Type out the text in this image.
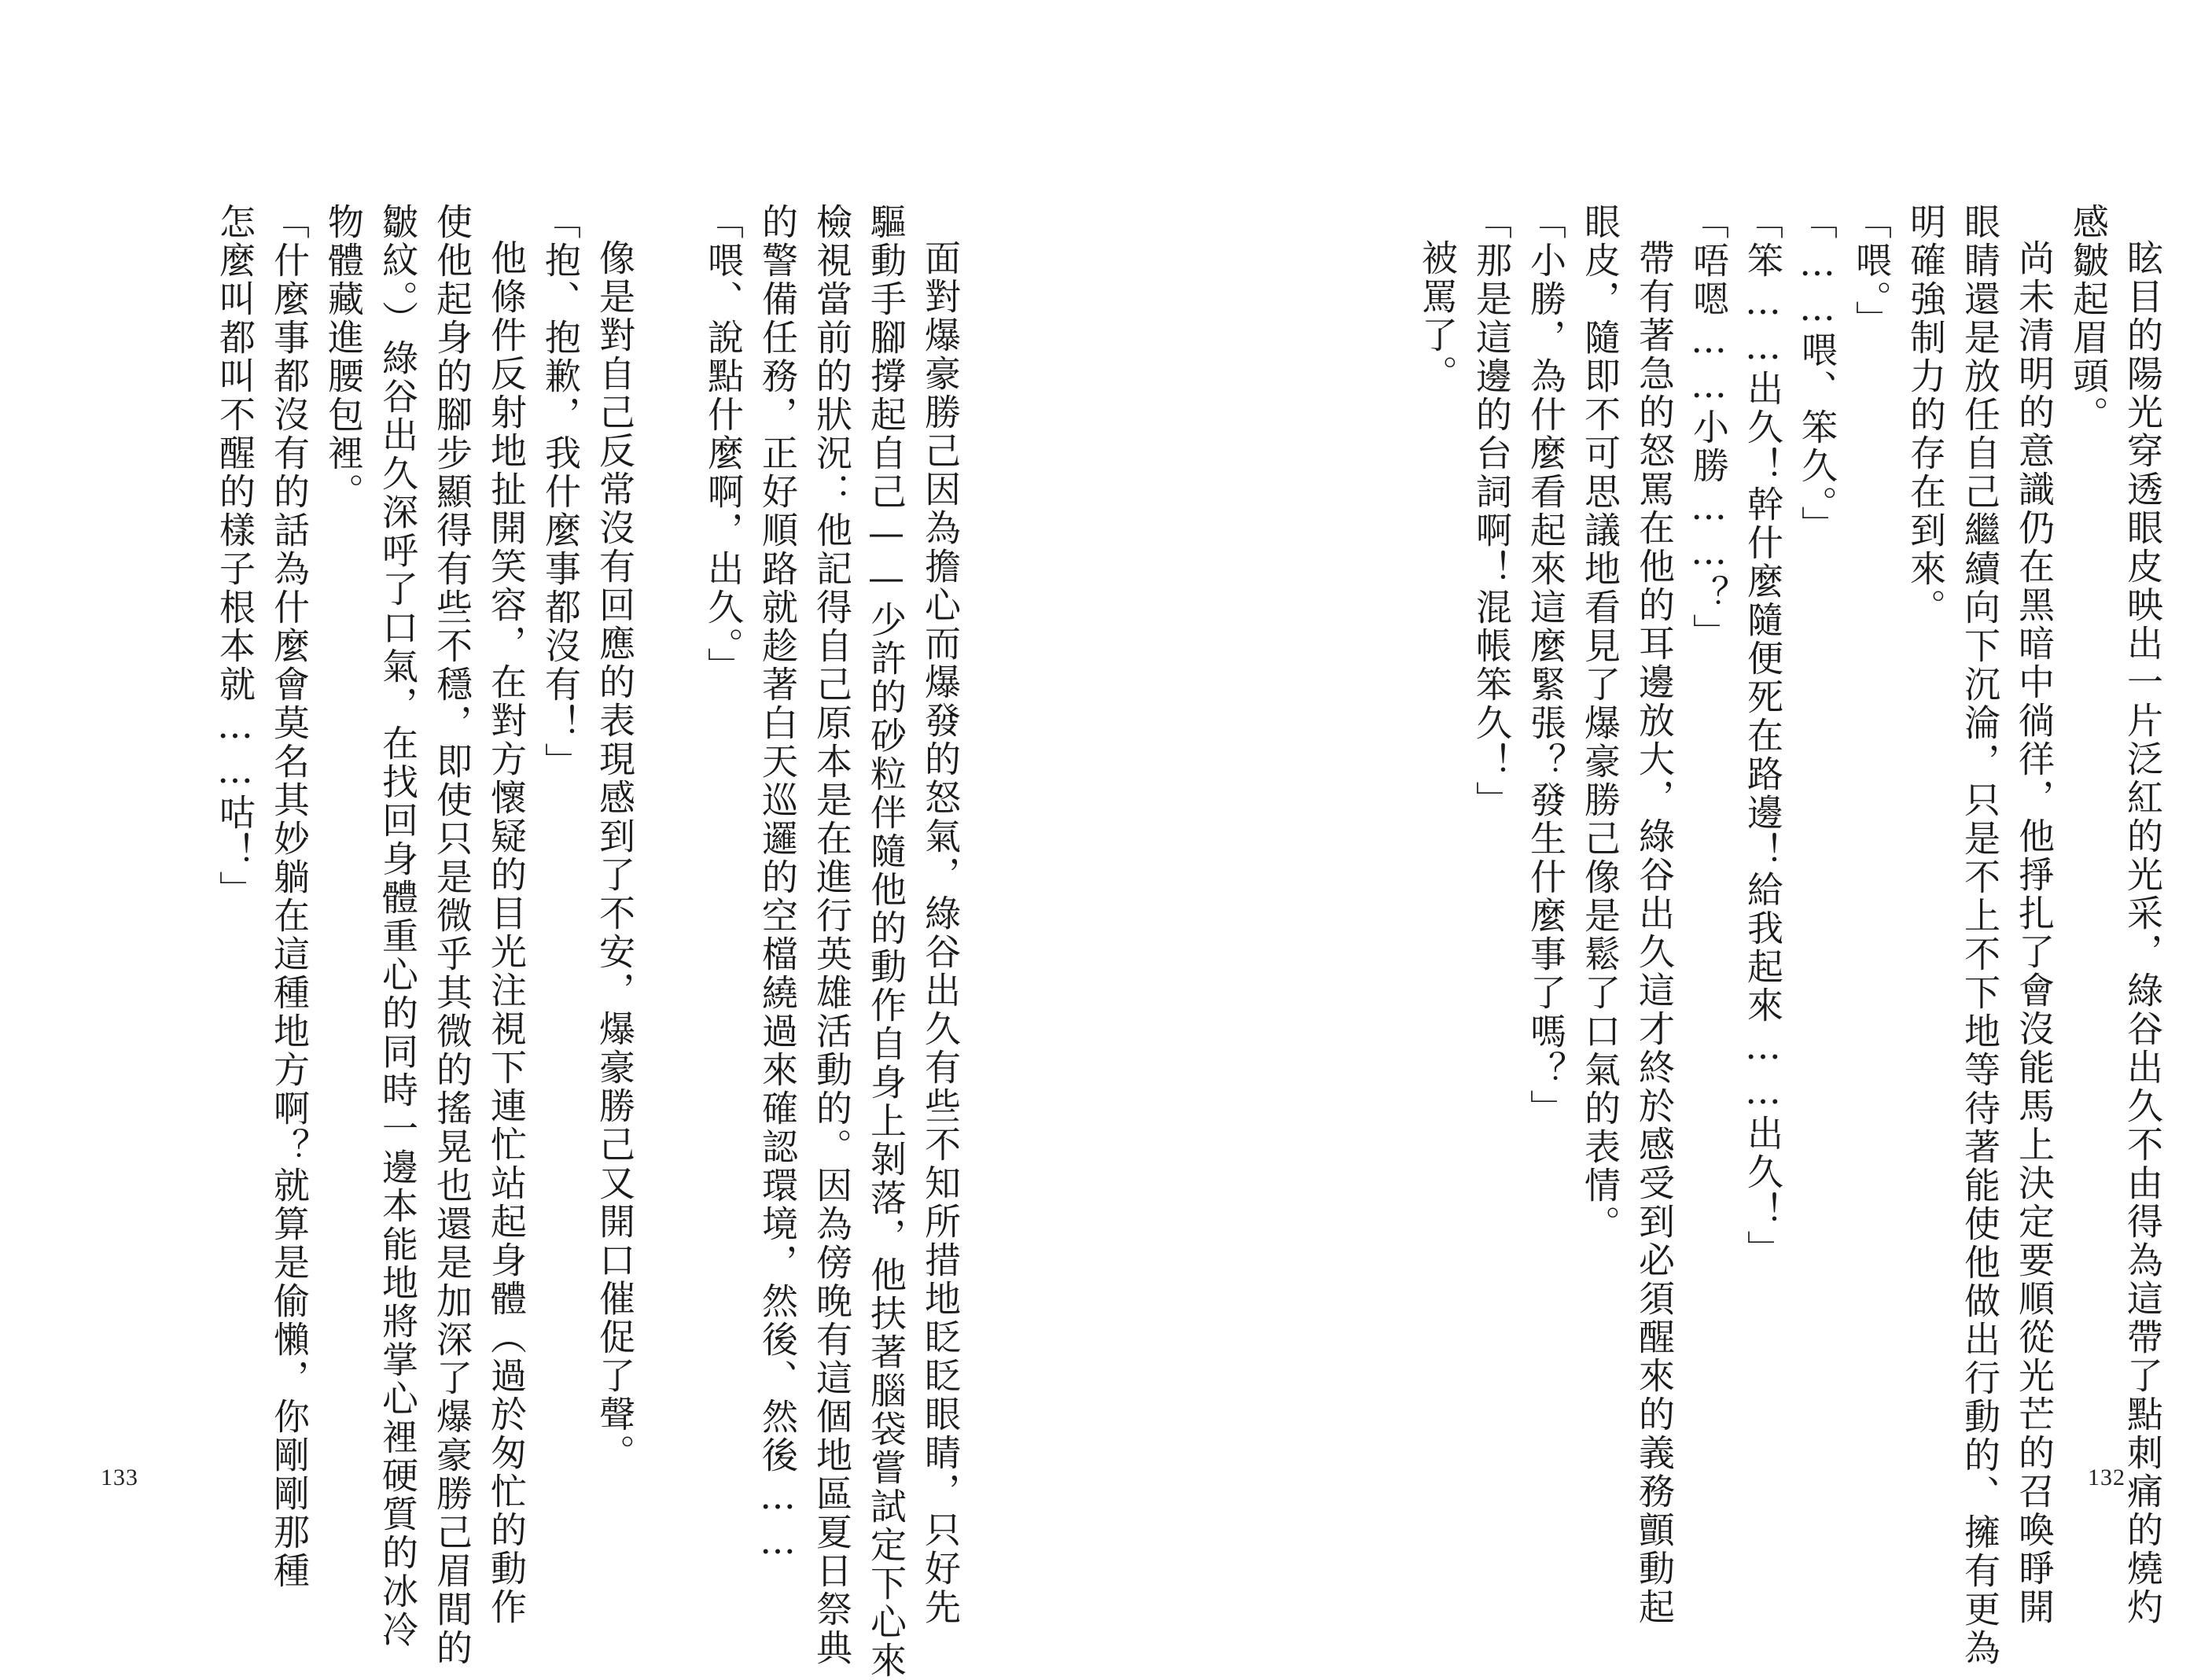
眩目的陽光穿透眼皮映出一片泛紅的光采，綠谷出久不由得為這帶了點刺痛的燒灼

感皺起眉頭。

尚未清明的意識仍在黑暗中徜徉，他掙扎了會沒能馬上決定要順從光芒的召喚睜開

眼睛還是放任自己繼續向下沉淪，只是不上不下地等待著能使他做出行動的、擁有更為

明確強制力的存在到來。

「喂。」

「……喂、笨久。」

「笨……出久！幹什麼隨便死在路邊！給我起來……出久！」

「唔嗯……小勝……？」

帶有著急的怒罵在他的耳邊放大，綠谷出久這才終於感受到必須醒來的義務顫動起

眼皮，隨即不可思議地看見了爆豪勝己像是鬆了口氣的表情。

「小勝，為什麼看起來這麼緊張？發生什麼事了嗎？」

「那是這邊的台詞啊！混帳笨久！」

被罵了。

132

面對爆豪勝己因為擔心而爆發的怒氣，綠谷出久有些不知所措地眨眨眼睛，只好先

驅動手腳撐起自己——少許的砂粒伴隨他的動作自身上剝落，他扶著腦袋嘗試定下心來

檢視當前的狀況：他記得自己原本是在進行英雄活動的。因為傍晚有這個地區夏日祭典

的警備任務，正好順路就趁著白天巡邏的空檔繞過來確認環境，然後、然後……

「喂、說點什麼啊，出久。」

像是對自己反常沒有回應的表現感到了不安，爆豪勝己又開口催促了聲。

「抱、抱歉，我什麼事都沒有！」

他條件反射地扯開笑容，在對方懷疑的目光注視下連忙站起身體（過於匆忙的動作

使他起身的腳步顯得有些不穩，即使只是微乎其微的搖晃也還是加深了爆豪勝己眉間的

皺紋。）綠谷出久深呼了口氣，在找回身體重心的同時一邊本能地將掌心裡硬質的冰冷

物體藏進腰包裡。

「什麼事都沒有的話為什麼會莫名其妙躺在這種地方啊？就算是偷懶，你剛剛那種

怎麼叫都叫不醒的樣子根本就……咕！」

133
